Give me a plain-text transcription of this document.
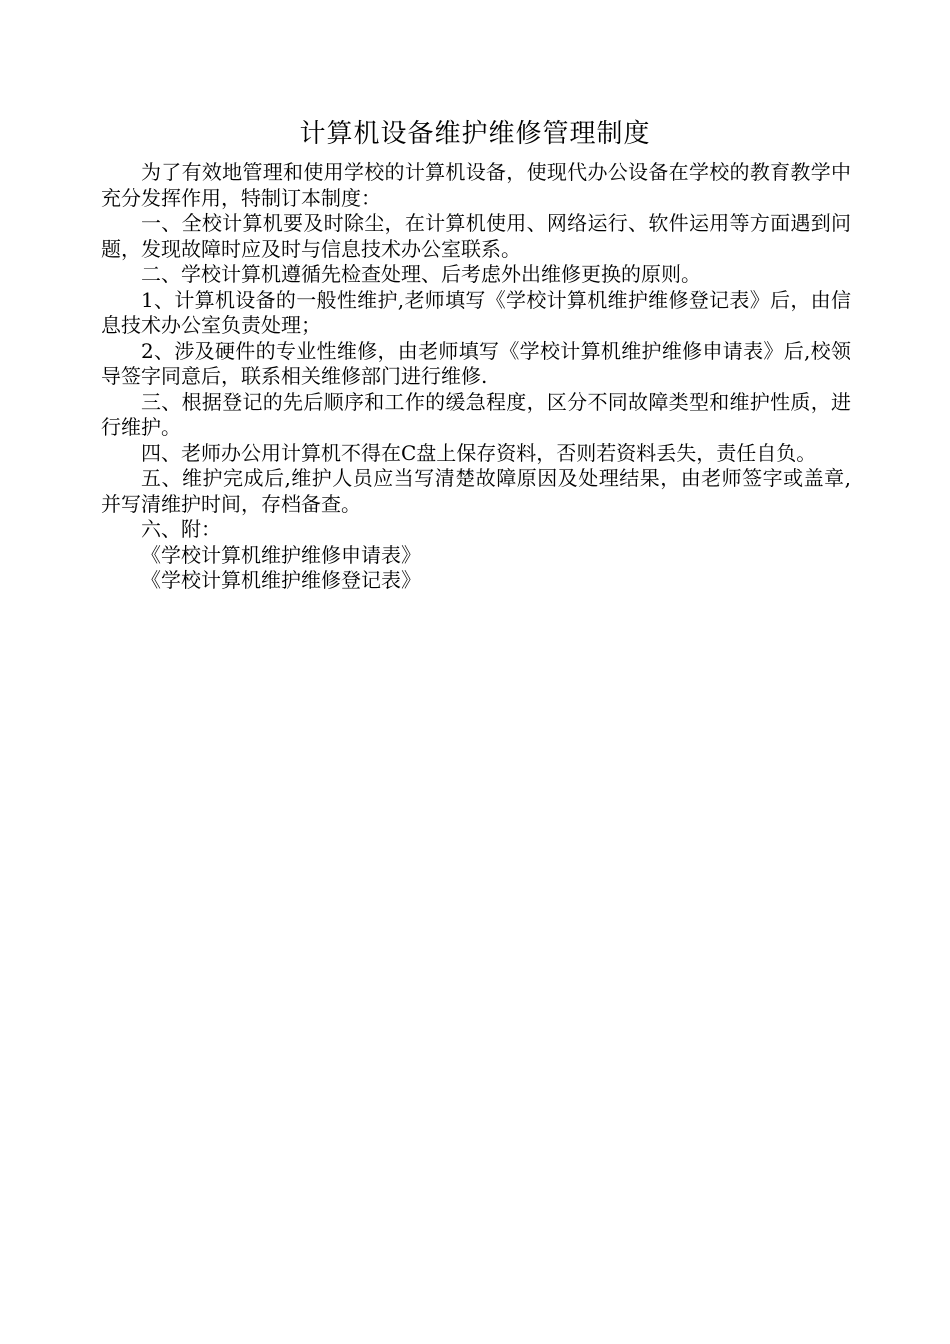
计算机设备维护维修管理制度

为了有效地管理和使用学校的计算机设备，使现代办公设备在学校的教育教学中充分发挥作用，特制订本制度：

一、全校计算机要及时除尘，在计算机使用、网络运行、软件运用等方面遇到问题，发现故障时应及时与信息技术办公室联系。

二、学校计算机遵循先检查处理、后考虑外出维修更换的原则。

1、计算机设备的一般性维护,老师填写《学校计算机维护维修登记表》后，由信息技术办公室负责处理；

2、涉及硬件的专业性维修，由老师填写《学校计算机维护维修申请表》后,校领导签字同意后，联系相关维修部门进行维修.

三、根据登记的先后顺序和工作的缓急程度，区分不同故障类型和维护性质，进行维护。

四、老师办公用计算机不得在C盘上保存资料，否则若资料丢失，责任自负。

五、维护完成后,维护人员应当写清楚故障原因及处理结果，由老师签字或盖章,并写清维护时间，存档备查。

六、附：

《学校计算机维护维修申请表》

《学校计算机维护维修登记表》
